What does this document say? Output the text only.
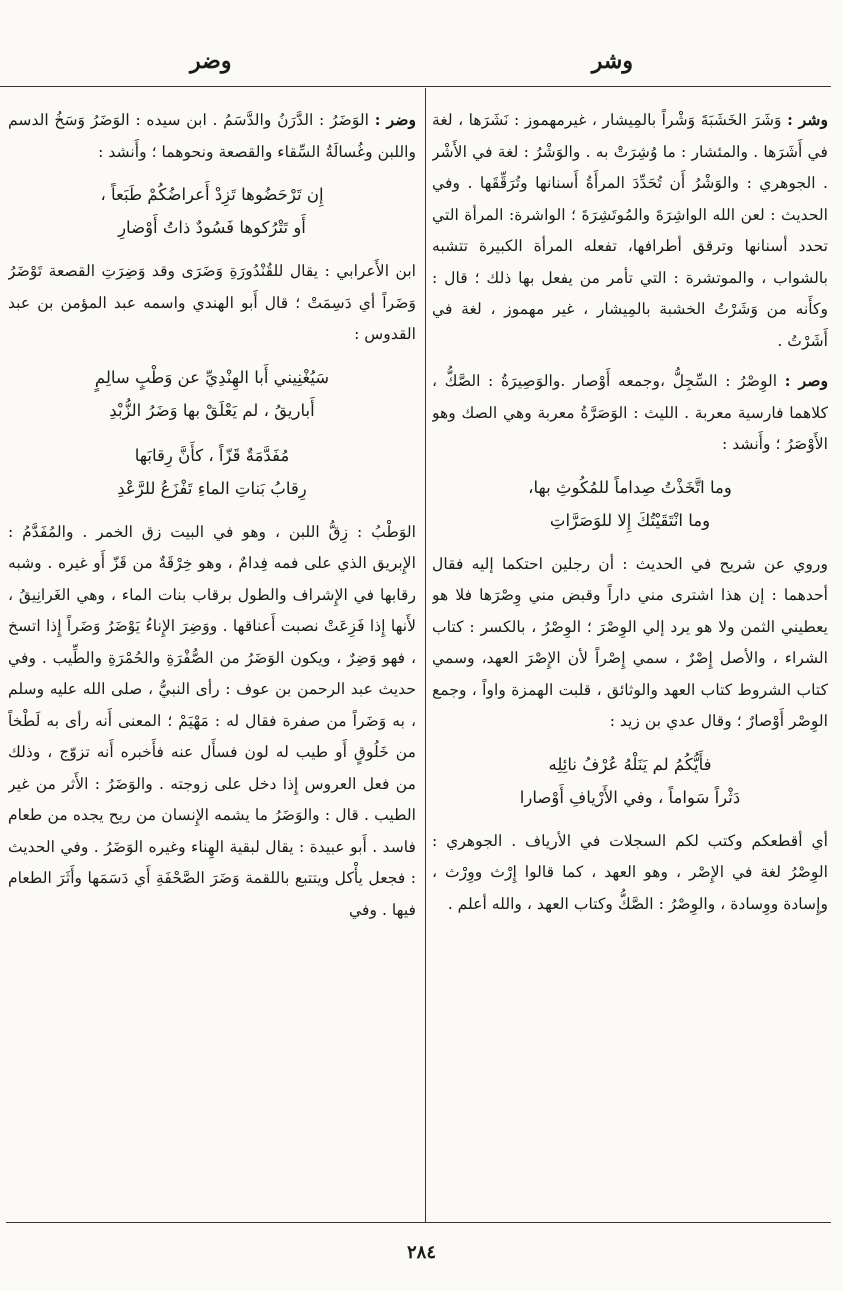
وشر
وضر

وشر : وَشَرَ الخَشَبَةَ وَشْراً بالمِيشار ، غيرمهموز : نَشَرَها ، لغة في أَشَرَها . والمئشار : ما وُشِرَتْ به . والوَشْرُ : لغة في الأَشْر . الجوهري : والوَشْرُ أَن تُحَدِّدَ المرأَةُ أَسنانها وتُرَقِّقَها . وفي الحديث : لعن الله الواشِرَةَ والمُوتَشِرَةَ ؛ الواشرة: المرأة التي تحدد أسنانها وترقق أطرافها، تفعله المرأة الكبيرة تتشبه بالشواب ، والموتشرة : التي تأمر من يفعل بها ذلك ؛ قال : وكأَنه من وَشَرْتُ الخشبة بالمِيشار ، غير مهموز ، لغة في أَشَرْتُ .

وصر : الوِصْرُ : السِّجِلُّ ،وجمعه أَوْصار .والوَصِيرَةُ : الصَّكُّ ، كلاهما فارسية معربة . الليث : الوَصَرَّةُ معربة وهي الصك وهو الأَوْصَرُ ؛ وأَنشد :

وما اتَّخَذْتُ صِداماً للمُكُوثِ بها،
وما انْتَقَيْتُكَ إِلا للوَصَرَّاتِ

وروي عن شريح في الحديث : أن رجلين احتكما إليه فقال أحدهما : إن هذا اشترى مني داراً وقبض مني وِصْرَها فلا هو يعطيني الثمن ولا هو يرد إلي الوِصْرَ ؛ الوِصْرُ ، بالكسر : كتاب الشراء ، والأصل إِصْرٌ ، سمي إِصْراً لأن الإِصْرَ العهد، وسمي كتاب الشروط كتاب العهد والوثائق ، قلبت الهمزة واواً ، وجمع الوِصْر أَوْصارٌ ؛ وقال عدي بن زيد :

فأَيُّكُمُ لم يَنَلْهُ عُرْفُ نائِلِه
دَثْراً سَواماً ، وفي الأَرْيافِ أَوْصارا

أي أقطعكم وكتب لكم السجلات في الأرياف . الجوهري : الوِصْرُ لغة في الإِصْر ، وهو العهد ، كما قالوا إِرْث ووِرْث ، وإِسادة ووِسادة ، والوِصْرُ : الصَّكُّ وكتاب العهد ، والله أعلم .

وضر : الوَضَرُ : الدَّرَنُ والدَّسَمُ . ابن سيده : الوَضَرُ وَسَخُ الدسم واللبن وغُسالَةُ السِّقاء والقصعة ونحوهما ؛ وأَنشد :

إِن تَرْحَضُوها تَزِدْ أَعراضُكُمْ طَبَعاً ،
أَو تَتْرُكوها فَسُودٌ ذاتُ أَوْضارِ

ابن الأَعرابي : يقال للقُنْدُورَةِ وَضَرَى وقد وَضِرَتِ القصعة تَوْضَرُ وَضَراً أي دَسِمَتْ ؛ قال أَبو الهندي واسمه عبد المؤمن بن عبد القدوس :

سَيُغْنِيني أَبا الهِنْدِيِّ عن وَطْبٍ سالِمٍ
أَباريقُ ، لم يَعْلَقْ بها وَضَرُ الزُّبْدِ
مُفَدَّمَةٌ قَزّاً ، كأَنَّ رِقابَها
رِقابُ بَناتِ الماءِ تَفْزَعُ للرَّعْدِ

الوَطْبُ : زِقُّ اللبن ، وهو في البيت زق الخمر . والمُفَدَّمُ : الإِبريق الذي على فمه فِدامٌ ، وهو خِرْقَةٌ من قَزّ أَو غيره . وشبه رقابها في الإِشراف والطول برقاب بنات الماء ، وهي الغَرانِيقُ ، لأَنها إِذا فَزِعَتْ نصبت أَعناقها . ووَضِرَ الإِناءُ يَوْضَرُ وَضَراً إِذا اتسخ ، فهو وَضِرٌ ، ويكون الوَضَرُ من الصُّفْرَةِ والحُمْرَةِ والطِّيب . وفي حديث عبد الرحمن بن عوف : رأى النبيُّ ، صلى الله عليه وسلم ، به وَضَراً من صفرة فقال له : مَهْيَمْ ؛ المعنى أَنه رأى به لَطْخاً من خَلُوقٍ أَو طيب له لون فسأَل عنه فأَخبره أَنه تزوّج ، وذلك من فعل العروس إِذا دخل على زوجته . والوَضَرُ : الأَثر من غير الطيب . قال : والوَضَرُ ما يشمه الإِنسان من ريح يجده من طعام فاسد . أَبو عبيدة : يقال لبقية الهِناء وغيره الوَضَرُ . وفي الحديث : فجعل يأْكل ويتتبع باللقمة وَضَرَ الصَّحْفَةِ أَي دَسَمَها وأَثَرَ الطعام فيها . وفي

٢٨٤
